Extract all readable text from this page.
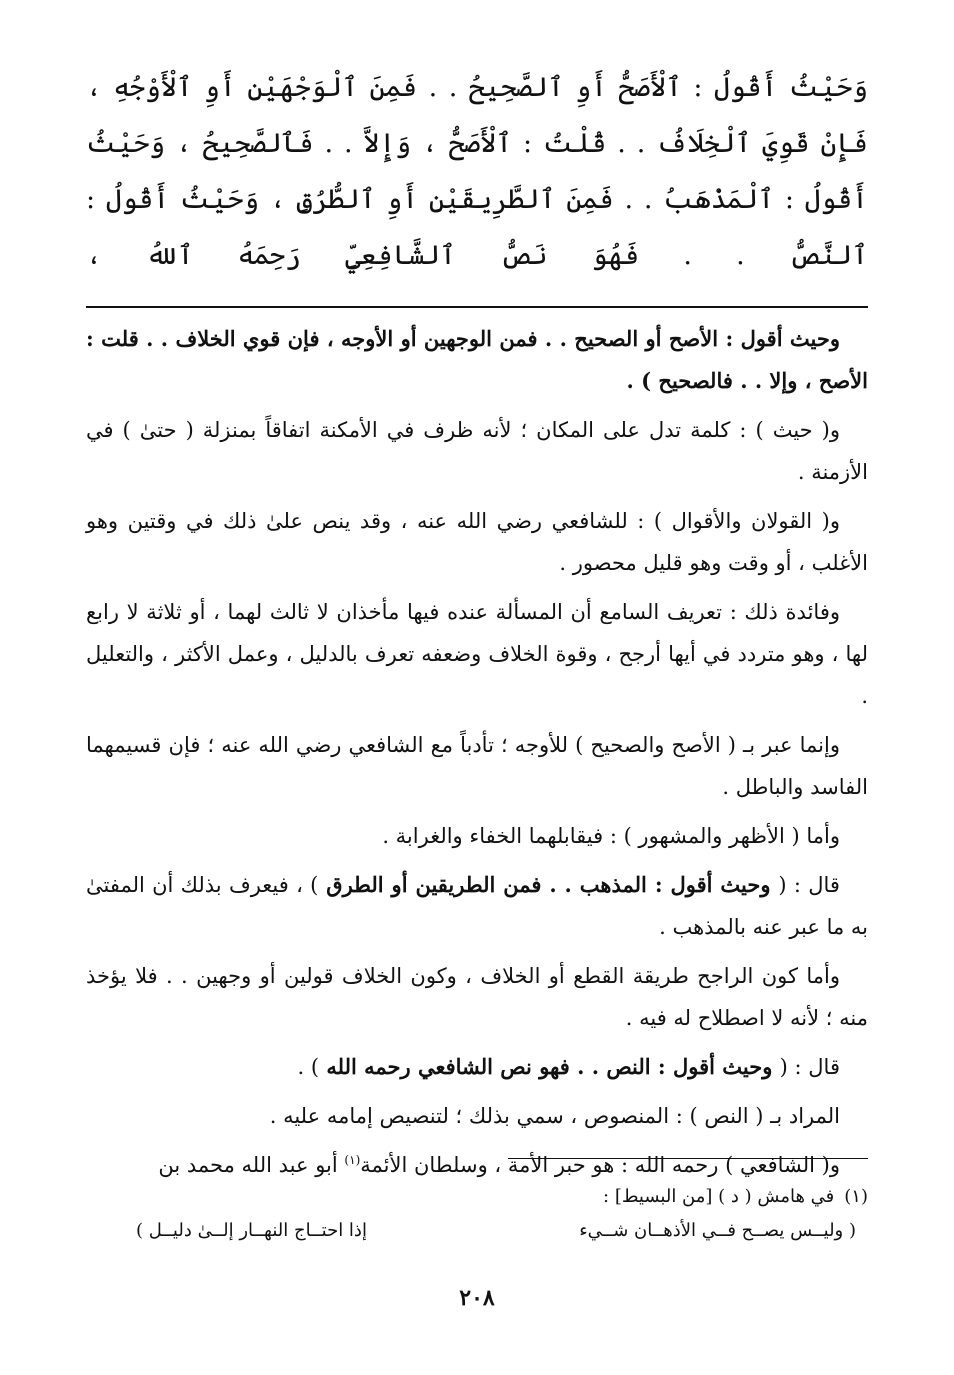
وَحَيْثُ أَقُولُ : ٱلْأَصَحُّ أَوِ ٱلصَّحِيحُ . . فَمِنَ ٱلْوَجْهَيْنِ أَوِ ٱلْأَوْجُهِ ، فَإِنْ قَوِيَ ٱلْخِلَافُ . . قُلْتُ : ٱلْأَصَحُّ ، وَإِلاَّ . . فَٱلصَّحِيحُ ، وَحَيْثُ أَقُولُ : ٱلْمَذْهَبُ . . فَمِنَ ٱلطَّرِيقَيْنِ أَوِ ٱلطُّرُقِ ، وَحَيْثُ أَقُولُ : ٱلنَّصُّ . . فَهُوَ نَصُّ ٱلشَّافِعِيِّ رَحِمَهُ ٱللهُ ،

وحيث أقول : الأصح أو الصحيح . . فمن الوجهين أو الأوجه ، فإن قوي الخلاف . . قلت : الأصح ، وإلا . . فالصحيح ) .

و( حيث ) : كلمة تدل على المكان ؛ لأنه ظرف في الأمكنة اتفاقاً بمنزلة ( حتىٰ ) في الأزمنة .

و( القولان والأقوال ) : للشافعي رضي الله عنه ، وقد ينص علىٰ ذلك في وقتين وهو الأغلب ، أو وقت وهو قليل محصور .

وفائدة ذلك : تعريف السامع أن المسألة عنده فيها مأخذان لا ثالث لهما ، أو ثلاثة لا رابع لها ، وهو متردد في أيها أرجح ، وقوة الخلاف وضعفه تعرف بالدليل ، وعمل الأكثر ، والتعليل .

وإنما عبر بـ ( الأصح والصحيح ) للأوجه ؛ تأدباً مع الشافعي رضي الله عنه ؛ فإن قسيمهما الفاسد والباطل .

وأما ( الأظهر والمشهور ) : فيقابلهما الخفاء والغرابة .

قال : ( وحيث أقول : المذهب . . فمن الطريقين أو الطرق ) ، فيعرف بذلك أن المفتىٰ به ما عبر عنه بالمذهب .

وأما كون الراجح طريقة القطع أو الخلاف ، وكون الخلاف قولين أو وجهين . . فلا يؤخذ منه ؛ لأنه لا اصطلاح له فيه .

قال : ( وحيث أقول : النص . . فهو نص الشافعي رحمه الله ) .

المراد بـ ( النص ) : المنصوص ، سمي بذلك ؛ لتنصيص إمامه عليه .

و( الشافعي ) رحمه الله : هو حبر الأمة ، وسلطان الأئمة$^{(١)}$ أبو عبد الله محمد بن

(١)
في هامش ( د ) [من البسيط] :
( وليــس يصــح فــي الأذهــان شــيء
إذا احتــاج النهــار إلــىٰ دليــل )
٢٠٨
